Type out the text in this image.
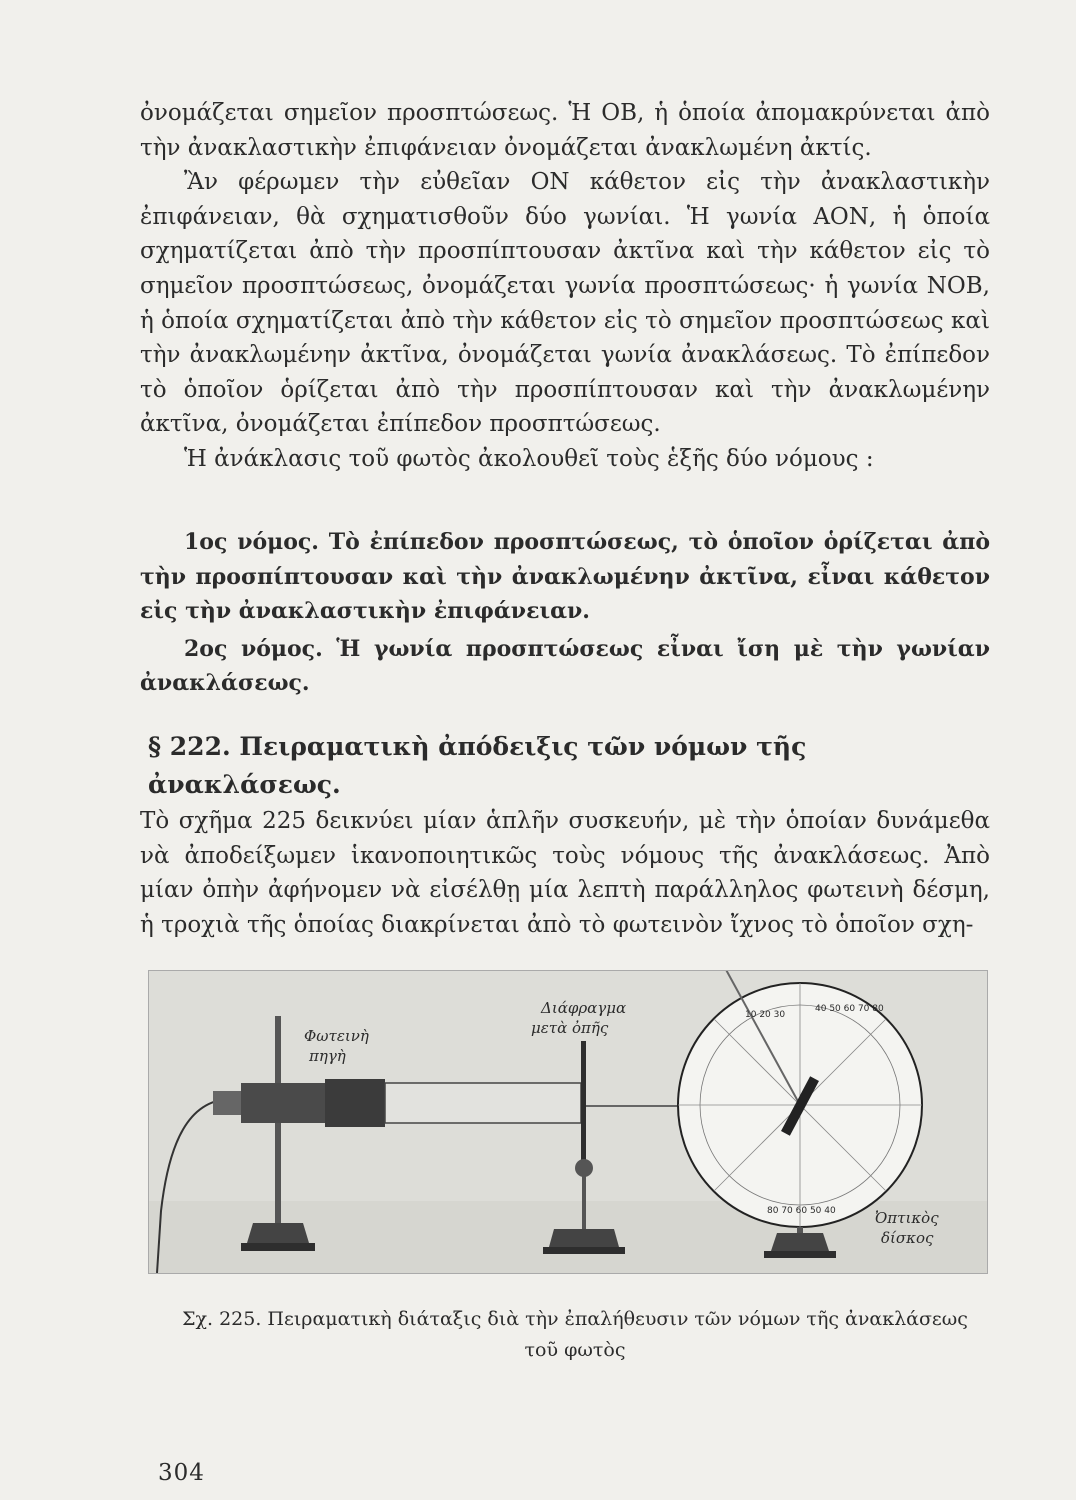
ὀνομάζεται σημεῖον προσπτώσεως. Ἡ ΟΒ, ἡ ὁποία ἀπομακρύνεται ἀπὸ τὴν ἀνακλαστικὴν ἐπιφάνειαν ὀνομάζεται ἀνακλωμένη ἀκτίς.

Ἂν φέρωμεν τὴν εὐθεῖαν ΟΝ κάθετον εἰς τὴν ἀνακλαστικὴν ἐπιφάνειαν, θὰ σχηματισθοῦν δύο γωνίαι. Ἡ γωνία ΑΟΝ, ἡ ὁποία σχηματίζεται ἀπὸ τὴν προσπίπτουσαν ἀκτῖνα καὶ τὴν κάθετον εἰς τὸ σημεῖον προσπτώσεως, ὀνομάζεται γωνία προσπτώσεως· ἡ γωνία ΝΟΒ, ἡ ὁποία σχηματίζεται ἀπὸ τὴν κάθετον εἰς τὸ σημεῖον προσπτώσεως καὶ τὴν ἀνακλωμένην ἀκτῖνα, ὀνομάζεται γωνία ἀνακλάσεως. Τὸ ἐπίπεδον τὸ ὁποῖον ὁρίζεται ἀπὸ τὴν προσπίπτουσαν καὶ τὴν ἀνακλωμένην ἀκτῖνα, ὀνομάζεται ἐπίπεδον προσπτώσεως.

Ἡ ἀνάκλασις τοῦ φωτὸς ἀκολουθεῖ τοὺς ἑξῆς δύο νόμους :

1ος νόμος. Τὸ ἐπίπεδον προσπτώσεως, τὸ ὁποῖον ὁρίζεται ἀπὸ τὴν προσπίπτουσαν καὶ τὴν ἀνακλωμένην ἀκτῖνα, εἶναι κάθετον εἰς τὴν ἀνακλαστικὴν ἐπιφάνειαν.

2ος νόμος. Ἡ γωνία προσπτώσεως εἶναι ἴση μὲ τὴν γωνίαν ἀνακλάσεως.

§ 222. Πειραματικὴ ἀπόδειξις τῶν νόμων τῆς ἀνακλάσεως.

Τὸ σχῆμα 225 δεικνύει μίαν ἁπλῆν συσκευήν, μὲ τὴν ὁποίαν δυνάμεθα νὰ ἀποδείξωμεν ἱκανοποιητικῶς τοὺς νόμους τῆς ἀνακλάσεως. Ἀπὸ μίαν ὀπὴν ἀφήνομεν νὰ εἰσέλθῃ μία λεπτὴ παράλληλος φωτεινὴ δέσμη, ἡ τροχιὰ τῆς ὁποίας διακρίνεται ἀπὸ τὸ φωτεινὸν ἴχνος τὸ ὁποῖον σχη-

40 50 60 70 80
10 20 30
80 70 60 50 40
Φωτεινὴ
πηγὴ
Διάφραγμα
μετὰ ὀπῆς
Ὀπτικὸς
δίσκος
Σχ. 225. Πειραματικὴ διάταξις διὰ τὴν ἐπαλήθευσιν τῶν νόμων τῆς ἀνακλάσεως
τοῦ φωτὸς
304
